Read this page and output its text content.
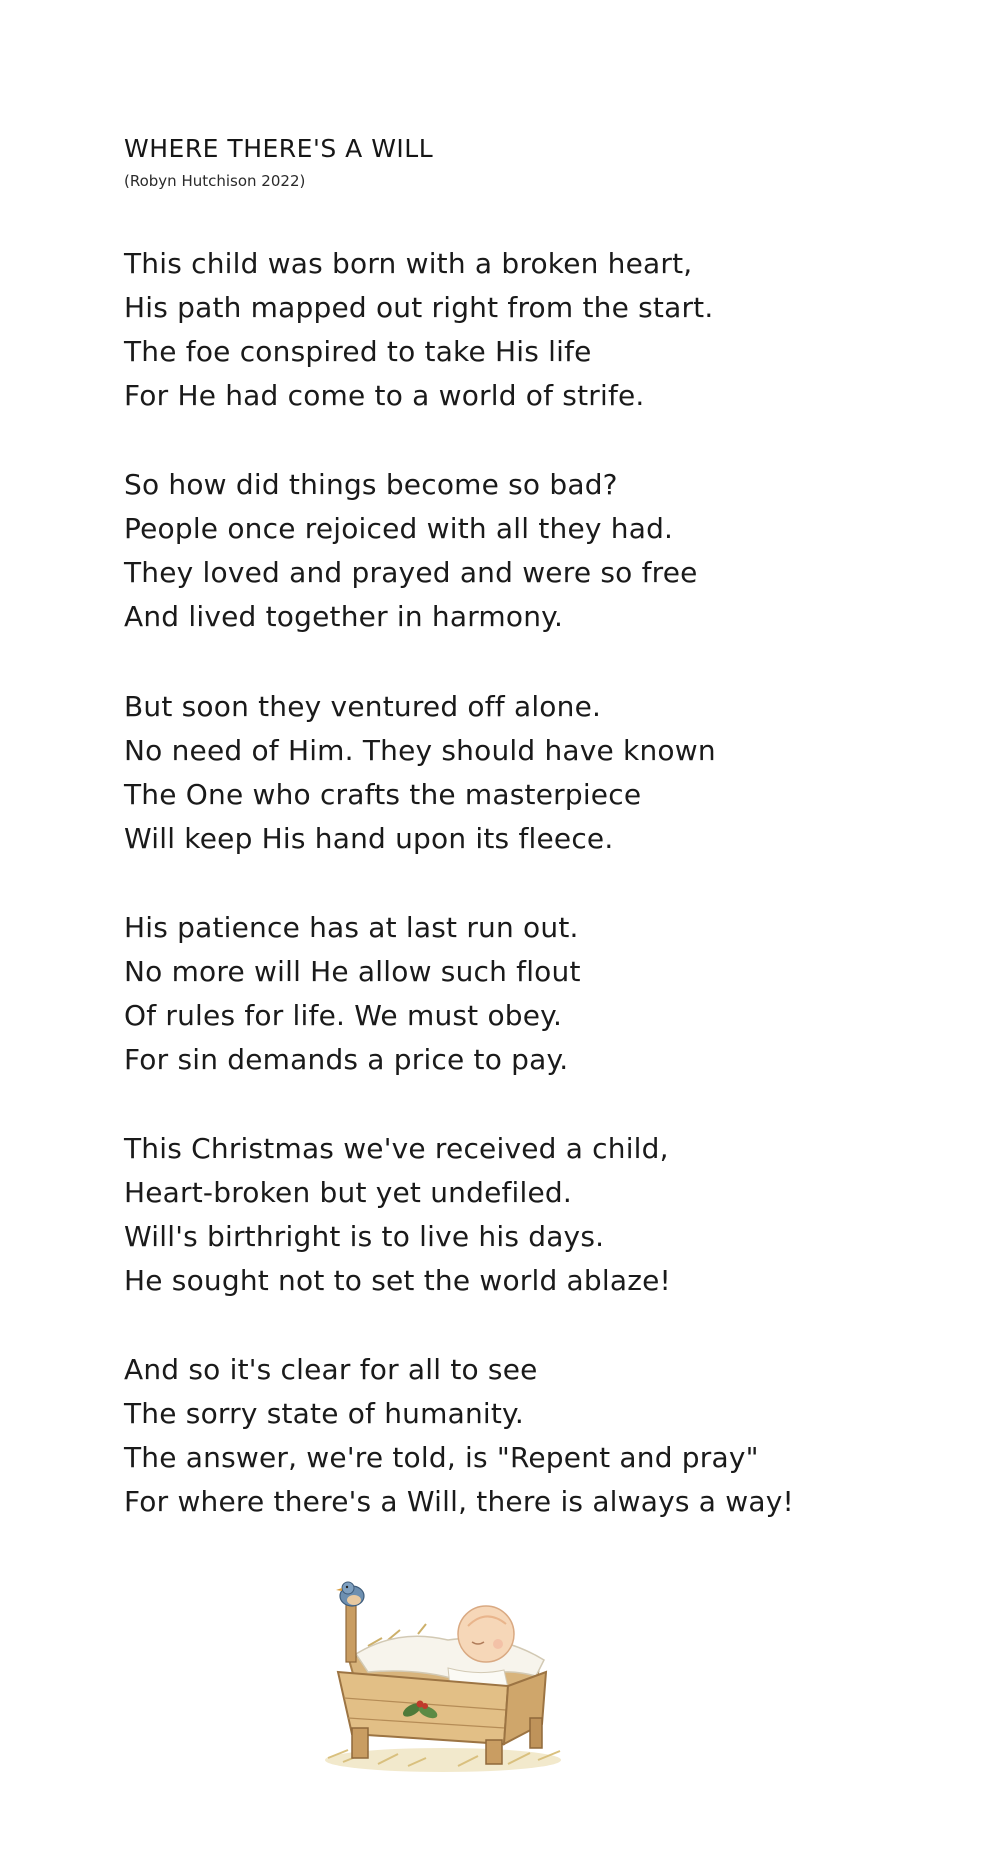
WHERE THERE'S A WILL
(Robyn Hutchison 2022)
This child was born with a broken heart,
His path mapped out right from the start.
The foe conspired to take His life
For He had come to a world of strife.
So how did things become so bad?
People once rejoiced with all they had.
They loved and prayed and were so free
And lived together in harmony.
But soon they ventured off alone.
No need of Him. They should have known
The One who crafts the masterpiece
Will keep His hand upon its fleece.
His patience has at last run out.
No more will He allow such flout
Of rules for life. We must obey.
For sin demands a price to pay.
This Christmas we've received a child,
Heart-broken but yet undefiled.
Will's birthright is to live his days.
He sought not to set the world ablaze!
And so it's clear for all to see
The sorry state of humanity.
The answer, we're told, is "Repent and pray"
For where there's a Will, there is always a way!
